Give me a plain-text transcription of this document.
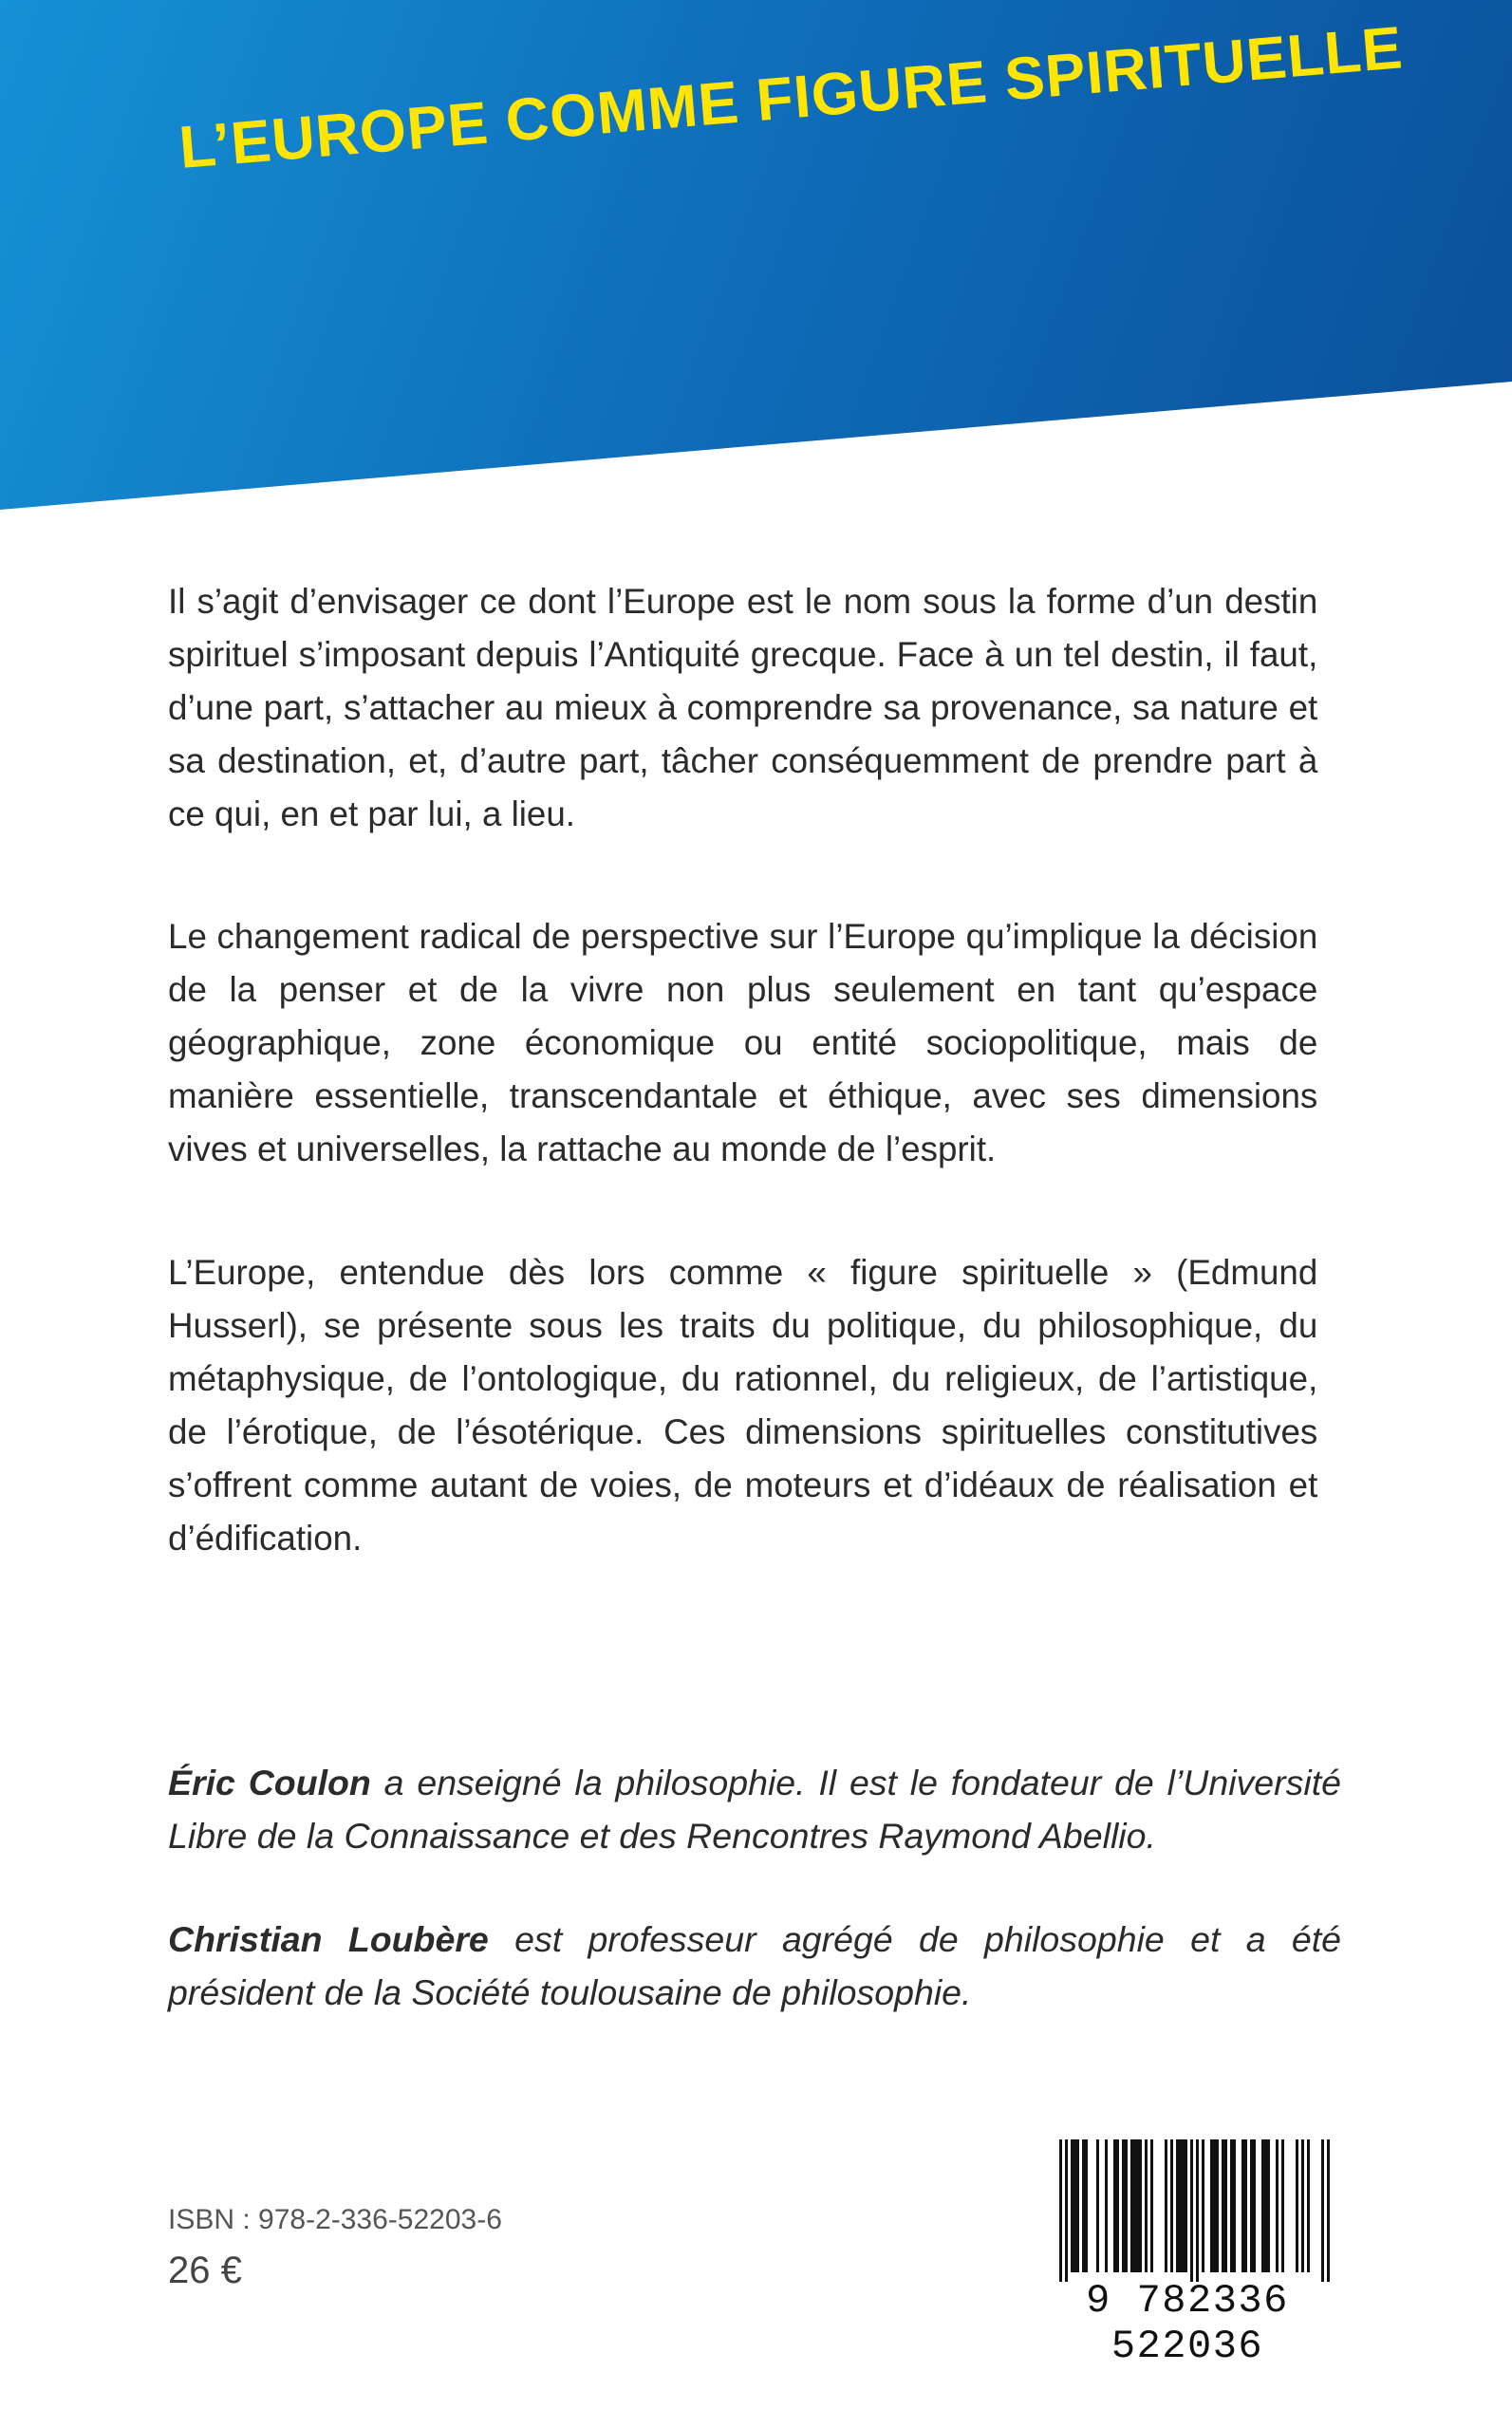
L’EUROPE COMME FIGURE SPIRITUELLE
Il s’agit d’envisager ce dont l’Europe est le nom sous la forme d’un destin spirituel s’imposant depuis l’Antiquité grecque. Face à un tel destin, il faut, d’une part, s’attacher au mieux à comprendre sa provenance, sa nature et sa destination, et, d’autre part, tâcher conséquemment de prendre part à ce qui, en et par lui, a lieu.
Le changement radical de perspective sur l’Europe qu’implique la décision de la penser et de la vivre non plus seulement en tant qu’espace géographique, zone économique ou entité sociopolitique, mais de manière essentielle, transcendantale et éthique, avec ses dimensions vives et universelles, la rattache au monde de l’esprit.
L’Europe, entendue dès lors comme « figure spirituelle » (Edmund Husserl), se présente sous les traits du politique, du philosophique, du métaphysique, de l’ontologique, du rationnel, du religieux, de l’artistique, de l’érotique, de l’ésotérique. Ces dimensions spirituelles constitutives s’offrent comme autant de voies, de moteurs et d’idéaux de réalisation et d’édification.
Éric Coulon a enseigné la philosophie. Il est le fondateur de l’Université Libre de la Connaissance et des Rencontres Raymond Abellio.
Christian Loubère est professeur agrégé de philosophie et a été président de la Société toulousaine de philosophie.
ISBN : 978-2-336-52203-6
26 €
9 782336 522036
